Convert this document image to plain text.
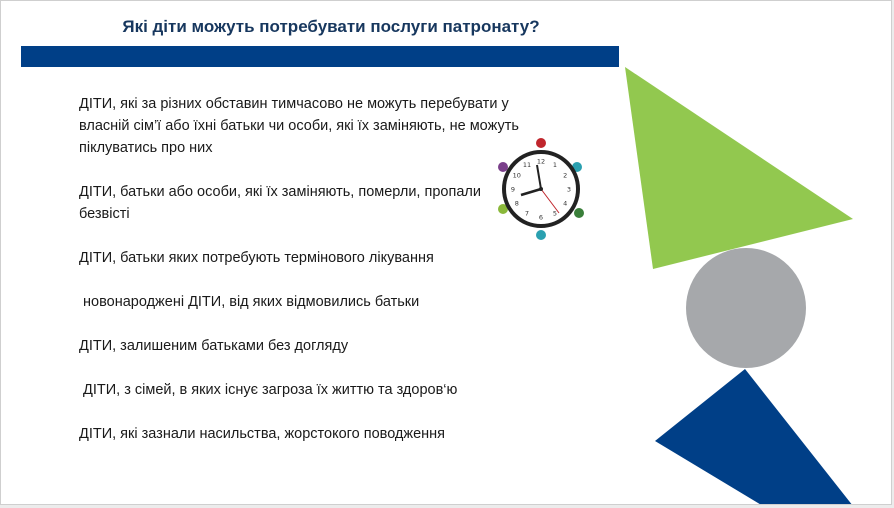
Які діти можуть потребувати послуги патронату?
ДІТИ, які за різних обставин тимчасово не можуть перебувати у власній сім’ї або їхні батьки чи особи, які їх заміняють, не можуть піклуватись про них
ДІТИ, батьки або особи, які їх заміняють, померли, пропали безвісті
ДІТИ, батьки яких потребують термінового лікування
новонароджені ДІТИ, від яких відмовились батьки
ДІТИ, залишеним батьками без догляду
ДІТИ, з сімей, в яких існує загроза їх життю та здоров‘ю
ДІТИ, які зазнали насильства, жорстокого поводження
12 1
2
3
4
5
6
7
8
9
10
11
